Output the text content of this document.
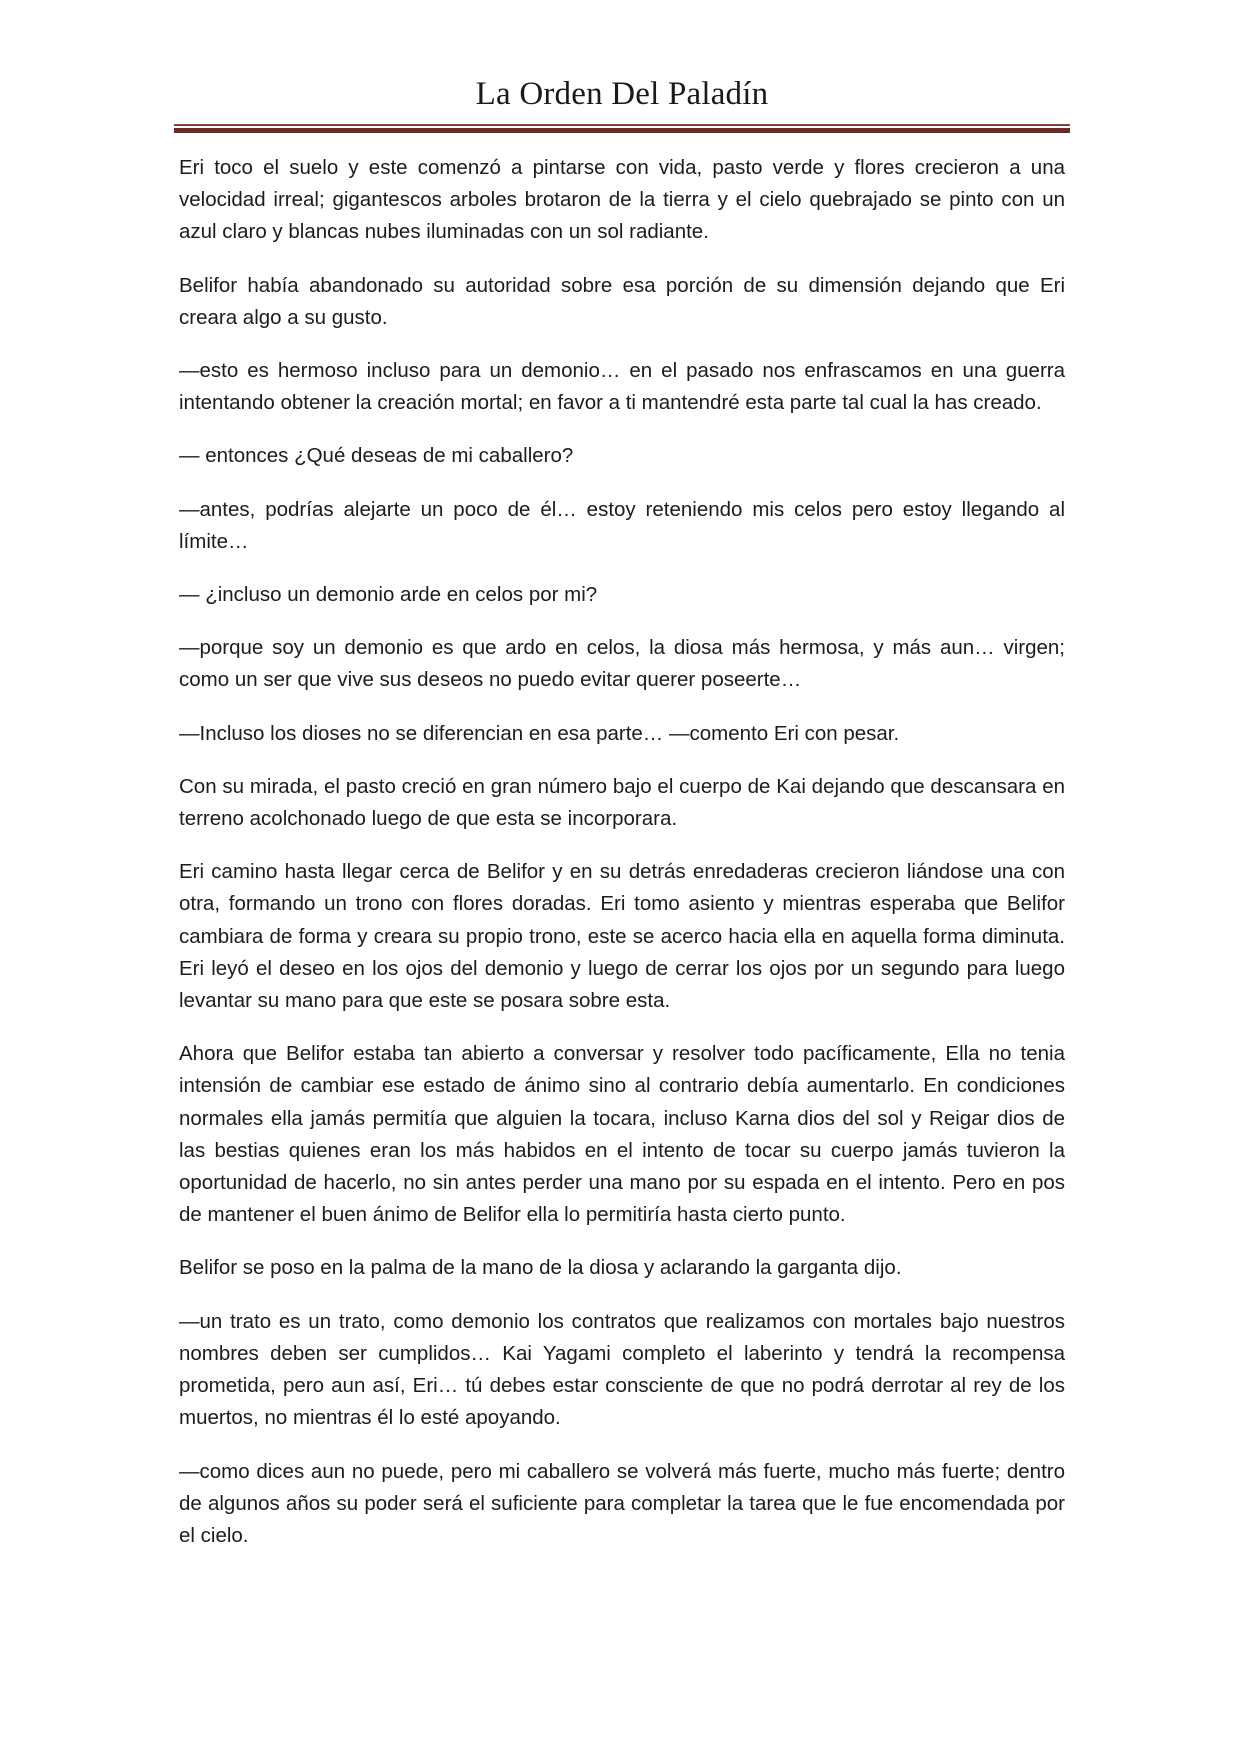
La Orden Del Paladín

Eri toco el suelo y este comenzó a pintarse con vida, pasto verde y flores crecieron a una velocidad irreal; gigantescos arboles brotaron de la tierra y el cielo quebrajado se pinto con un azul claro y blancas nubes iluminadas con un sol radiante.

Belifor había abandonado su autoridad sobre esa porción de su dimensión dejando que Eri creara algo a su gusto.

—esto es hermoso incluso para un demonio… en el pasado nos enfrascamos en una guerra intentando obtener la creación mortal; en favor a ti mantendré esta parte tal cual la has creado.

— entonces ¿Qué deseas de mi caballero?

—antes, podrías alejarte un poco de él… estoy reteniendo mis celos pero estoy llegando al límite…

— ¿incluso un demonio arde en celos por mi?

—porque soy un demonio es que ardo en celos, la diosa más hermosa, y más aun… virgen; como un ser que vive sus deseos no puedo evitar querer poseerte…

—Incluso los dioses no se diferencian en esa parte… —comento Eri con pesar.

Con su mirada, el pasto creció en gran número bajo el cuerpo de Kai dejando que descansara en terreno acolchonado luego de que esta se incorporara.

Eri camino hasta llegar cerca de Belifor y en su detrás enredaderas crecieron liándose una con otra, formando un trono con flores doradas. Eri tomo asiento y mientras esperaba que Belifor cambiara de forma y creara su propio trono, este se acerco hacia ella en aquella forma diminuta. Eri leyó el deseo en los ojos del demonio y luego de cerrar los ojos por un segundo para luego levantar su mano para que este se posara sobre esta.

Ahora que Belifor estaba tan abierto a conversar y resolver todo pacíficamente, Ella no tenia intensión de cambiar ese estado de ánimo sino al contrario debía aumentarlo. En condiciones normales ella jamás permitía que alguien la tocara, incluso Karna dios del sol y Reigar dios de las bestias quienes eran los más habidos en el intento de tocar su cuerpo jamás tuvieron la oportunidad de hacerlo, no sin antes perder una mano por su espada en el intento. Pero en pos de mantener el buen ánimo de Belifor ella lo permitiría hasta cierto punto.

Belifor se poso en la palma de la mano de la diosa y aclarando la garganta dijo.

—un trato es un trato, como demonio los contratos que realizamos con mortales bajo nuestros nombres deben ser cumplidos… Kai Yagami completo el laberinto y tendrá la recompensa prometida, pero aun así, Eri… tú debes estar consciente de que no podrá derrotar al rey de los muertos, no mientras él lo esté apoyando.

—como dices aun no puede, pero mi caballero se volverá más fuerte, mucho más fuerte; dentro de algunos años su poder será el suficiente para completar la tarea que le fue encomendada por el cielo.
